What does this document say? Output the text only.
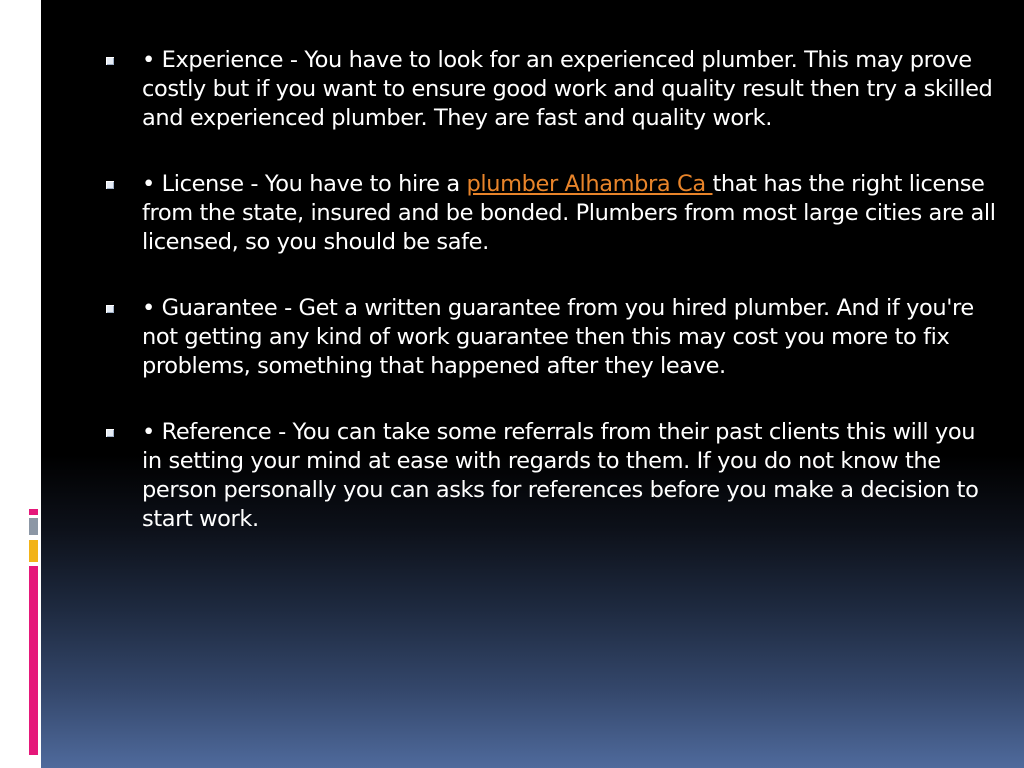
• Experience - You have to look for an experienced plumber. This may prove costly but if you want to ensure good work and quality result then try a skilled and experienced plumber. They are fast and quality work.
• License - You have to hire a plumber Alhambra Ca that has the right license from the state, insured and be bonded. Plumbers from most large cities are all licensed, so you should be safe.
• Guarantee - Get a written guarantee from you hired plumber. And if you're not getting any kind of work guarantee then this may cost you more to fix problems, something that happened after they leave.
• Reference - You can take some referrals from their past clients this will you in setting your mind at ease with regards to them. If you do not know the person personally you can asks for references before you make a decision to start work.
